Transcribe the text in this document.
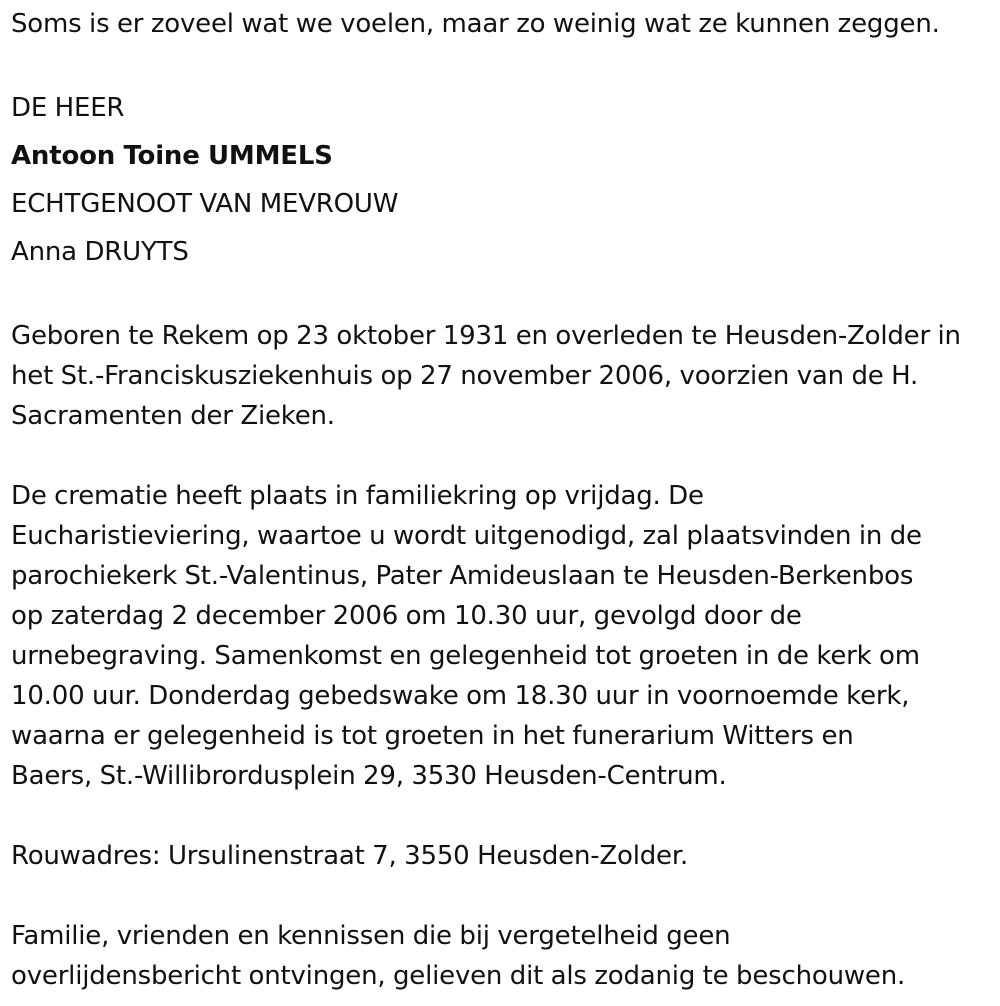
Soms is er zoveel wat we voelen, maar zo weinig wat ze kunnen zeggen.

DE HEER

Antoon Toine UMMELS

ECHTGENOOT VAN MEVROUW

Anna DRUYTS

Geboren te Rekem op 23 oktober 1931 en overleden te Heusden-Zolder in

het St.-Franciskusziekenhuis op 27 november 2006, voorzien van de H.

Sacramenten der Zieken.

De crematie heeft plaats in familiekring op vrijdag. De

Eucharistieviering, waartoe u wordt uitgenodigd, zal plaatsvinden in de

parochiekerk St.-Valentinus, Pater Amideuslaan te Heusden-Berkenbos

op zaterdag 2 december 2006 om 10.30 uur, gevolgd door de

urnebegraving. Samenkomst en gelegenheid tot groeten in de kerk om

10.00 uur. Donderdag gebedswake om 18.30 uur in voornoemde kerk,

waarna er gelegenheid is tot groeten in het funerarium Witters en

Baers, St.-Willibrordusplein 29, 3530 Heusden-Centrum.

Rouwadres: Ursulinenstraat 7, 3550 Heusden-Zolder.

Familie, vrienden en kennissen die bij vergetelheid geen

overlijdensbericht ontvingen, gelieven dit als zodanig te beschouwen.
